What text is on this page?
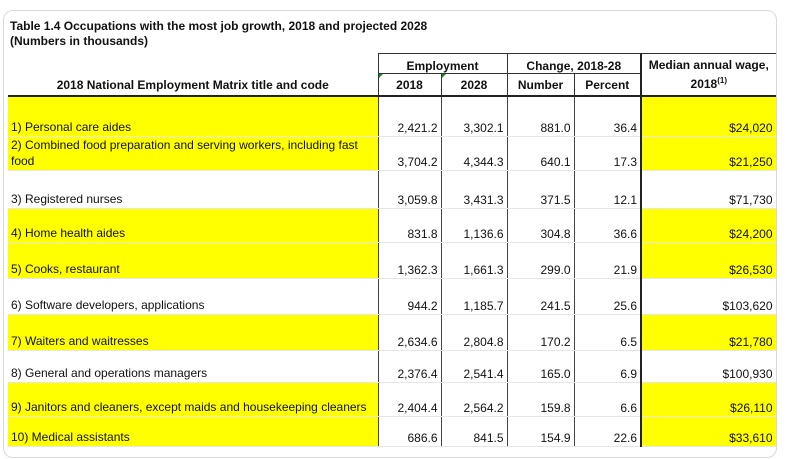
Table 1.4 Occupations with the most job growth, 2018 and projected 2028
(Numbers in thousands)
2018 National Employment Matrix title and code	Employment		Change, 2018-28		Median annual wage, 2018$^{(1)}$
	2018	2028	Number	Percent	
1) Personal care aides	2,421.2	3,302.1	881.0	36.4	$24,020
2) Combined food preparation and serving workers, including fast food	3,704.2	4,344.3	640.1	17.3	$21,250
3) Registered nurses	3,059.8	3,431.3	371.5	12.1	$71,730
4) Home health aides	831.8	1,136.6	304.8	36.6	$24,200
5) Cooks, restaurant	1,362.3	1,661.3	299.0	21.9	$26,530
6) Software developers, applications	944.2	1,185.7	241.5	25.6	$103,620
7) Waiters and waitresses	2,634.6	2,804.8	170.2	6.5	$21,780
8) General and operations managers	2,376.4	2,541.4	165.0	6.9	$100,930
9) Janitors and cleaners, except maids and housekeeping cleaners	2,404.4	2,564.2	159.8	6.6	$26,110
10) Medical assistants	686.6	841.5	154.9	22.6	$33,610
